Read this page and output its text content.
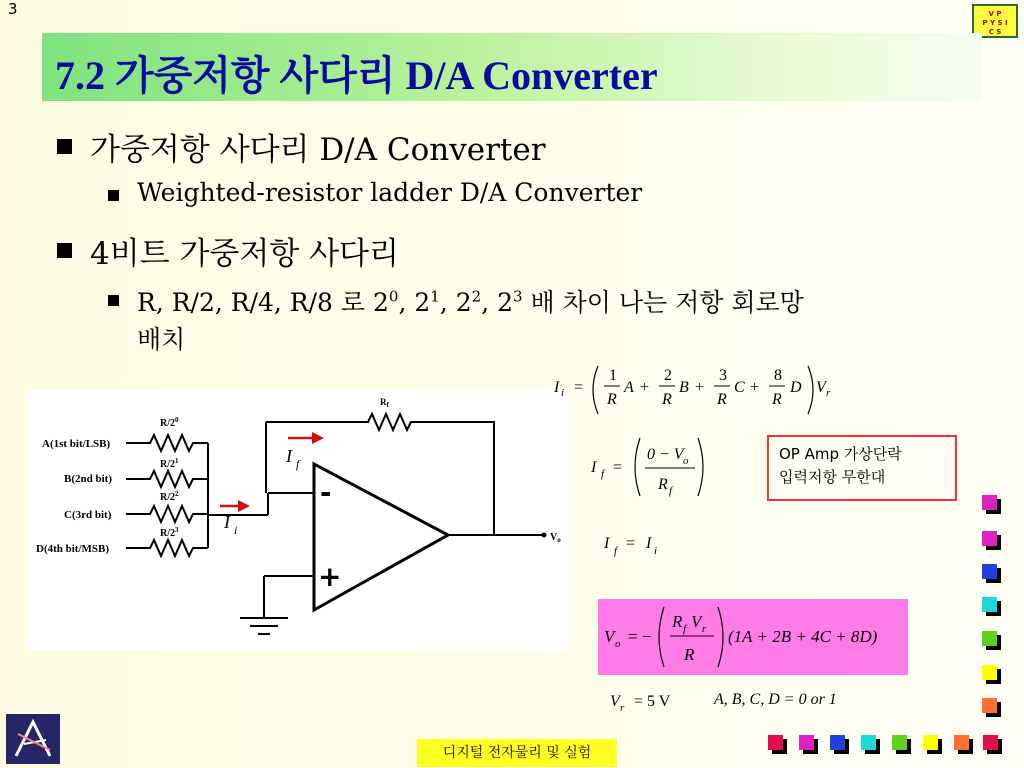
3	V P
P Y S I
C S
7.2 가중저항 사다리 D/A Converter
가중저항 사다리 D/A Converter
Weighted-resistor ladder D/A Converter
4비트 가중저항 사다리
R, R/2, R/4, R/8 로 $2^0$, $2^1$, $2^2$, $2^3$ 배 차이 나는 저항 회로망
배치
A(1st bit/LSB)
B(2nd bit)
C(3rd bit)
D(4th bit/MSB)
$R/2^0$
$R/2^1$
$R/2^2$
$R/2^3$
$R_f$
$V_o$
-
+
I $_f$
I $_i$
I i =
1
R
A +
2
R
B +
3
R
C +
8
R
D V r
I f =
0 − V o
R f
I f = I i
V o = −
R f V r
R
(1A + 2B + 4C + 8D)
V r = 5 V	A, B, C, D = 0 or 1
OP Amp 가상단락
입력저항 무한대
디지털 전자물리 및 실험
